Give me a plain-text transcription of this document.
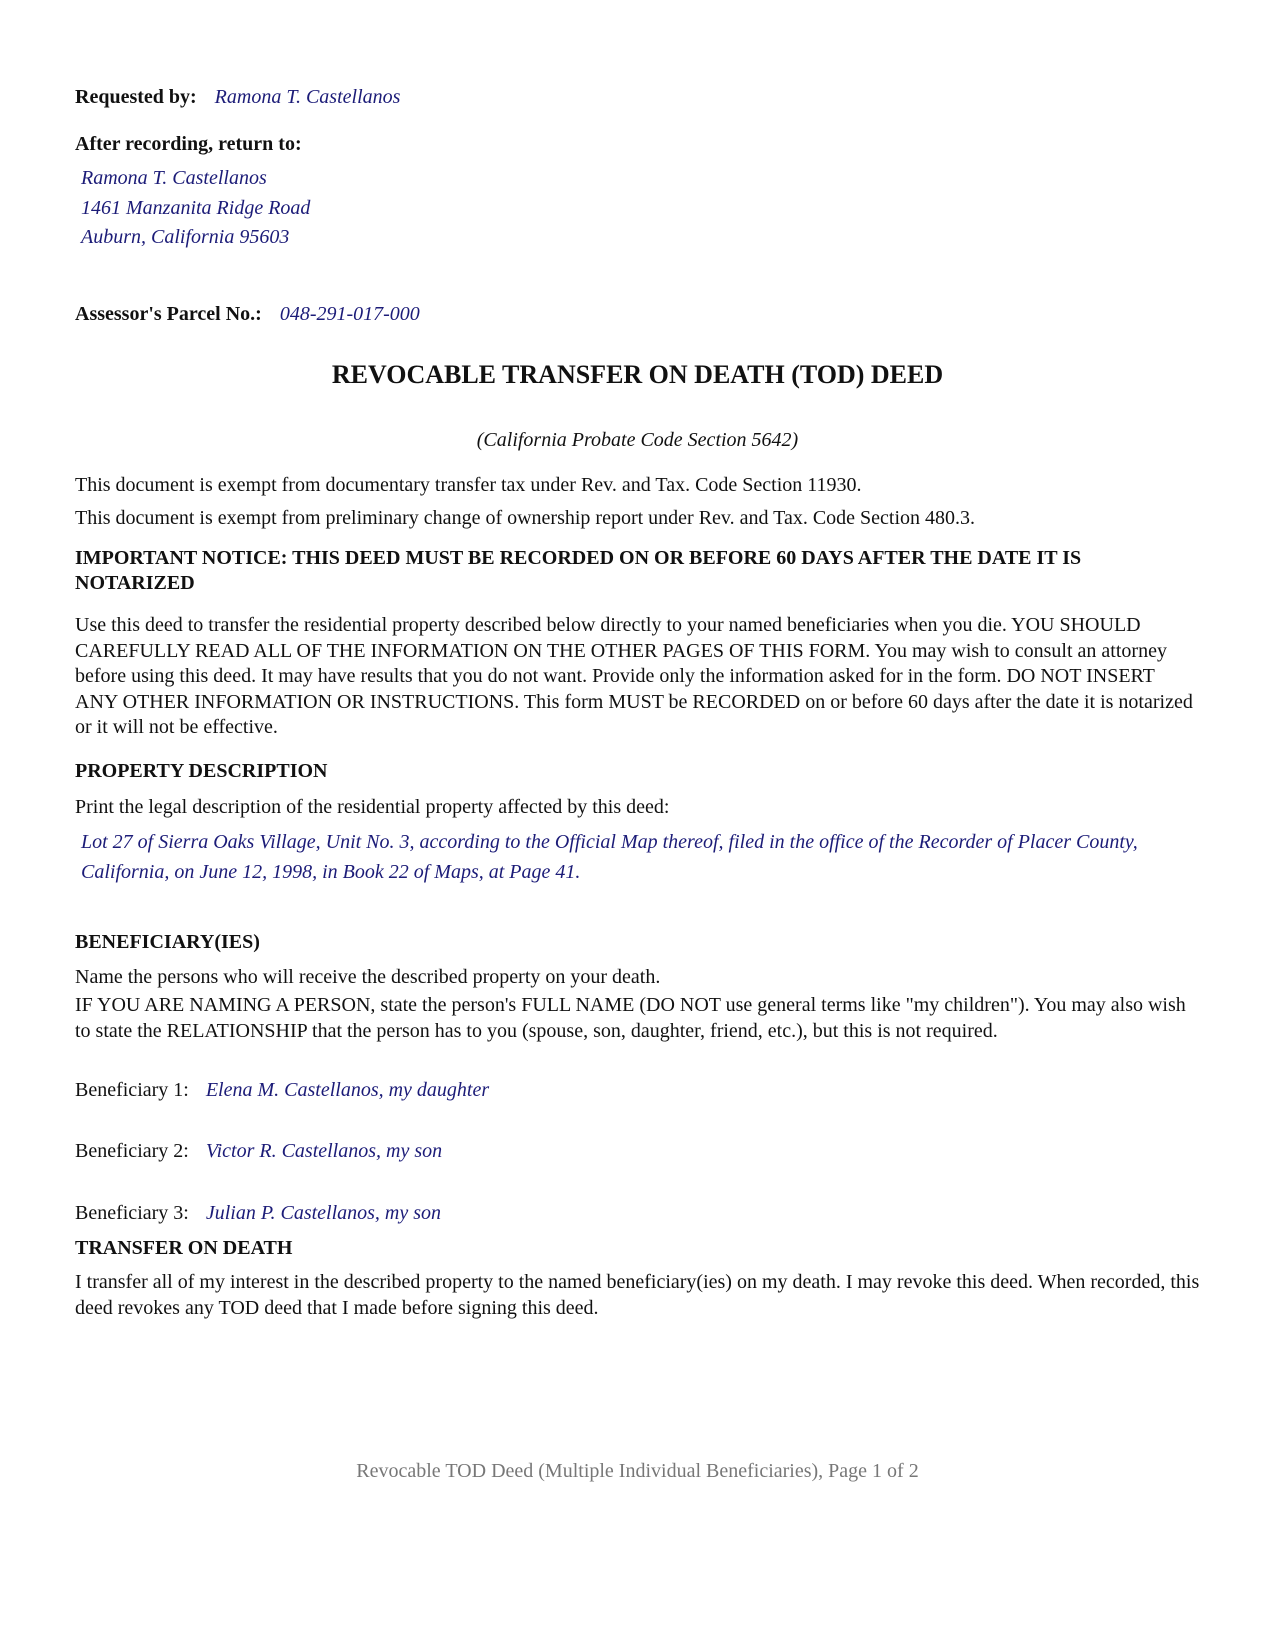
Requested by: Ramona T. Castellanos
After recording, return to:
Ramona T. Castellanos
1461 Manzanita Ridge Road
Auburn, California 95603
Assessor's Parcel No.: 048-291-017-000
REVOCABLE TRANSFER ON DEATH (TOD) DEED
(California Probate Code Section 5642)
This document is exempt from documentary transfer tax under Rev. and Tax. Code Section 11930.
This document is exempt from preliminary change of ownership report under Rev. and Tax. Code Section 480.3.
IMPORTANT NOTICE: THIS DEED MUST BE RECORDED ON OR BEFORE 60 DAYS AFTER THE DATE IT IS NOTARIZED
Use this deed to transfer the residential property described below directly to your named beneficiaries when you die. YOU SHOULD CAREFULLY READ ALL OF THE INFORMATION ON THE OTHER PAGES OF THIS FORM. You may wish to consult an attorney before using this deed. It may have results that you do not want. Provide only the information asked for in the form. DO NOT INSERT ANY OTHER INFORMATION OR INSTRUCTIONS. This form MUST be RECORDED on or before 60 days after the date it is notarized or it will not be effective.
PROPERTY DESCRIPTION
Print the legal description of the residential property affected by this deed:
Lot 27 of Sierra Oaks Village, Unit No. 3, according to the Official Map thereof, filed in the office of the Recorder of Placer County, California, on June 12, 1998, in Book 22 of Maps, at Page 41.
BENEFICIARY(IES)
Name the persons who will receive the described property on your death.
IF YOU ARE NAMING A PERSON, state the person's FULL NAME (DO NOT use general terms like "my children"). You may also wish to state the RELATIONSHIP that the person has to you (spouse, son, daughter, friend, etc.), but this is not required.
Beneficiary 1: Elena M. Castellanos, my daughter
Beneficiary 2: Victor R. Castellanos, my son
Beneficiary 3: Julian P. Castellanos, my son
TRANSFER ON DEATH
I transfer all of my interest in the described property to the named beneficiary(ies) on my death. I may revoke this deed. When recorded, this deed revokes any TOD deed that I made before signing this deed.
Revocable TOD Deed (Multiple Individual Beneficiaries), Page 1 of 2
